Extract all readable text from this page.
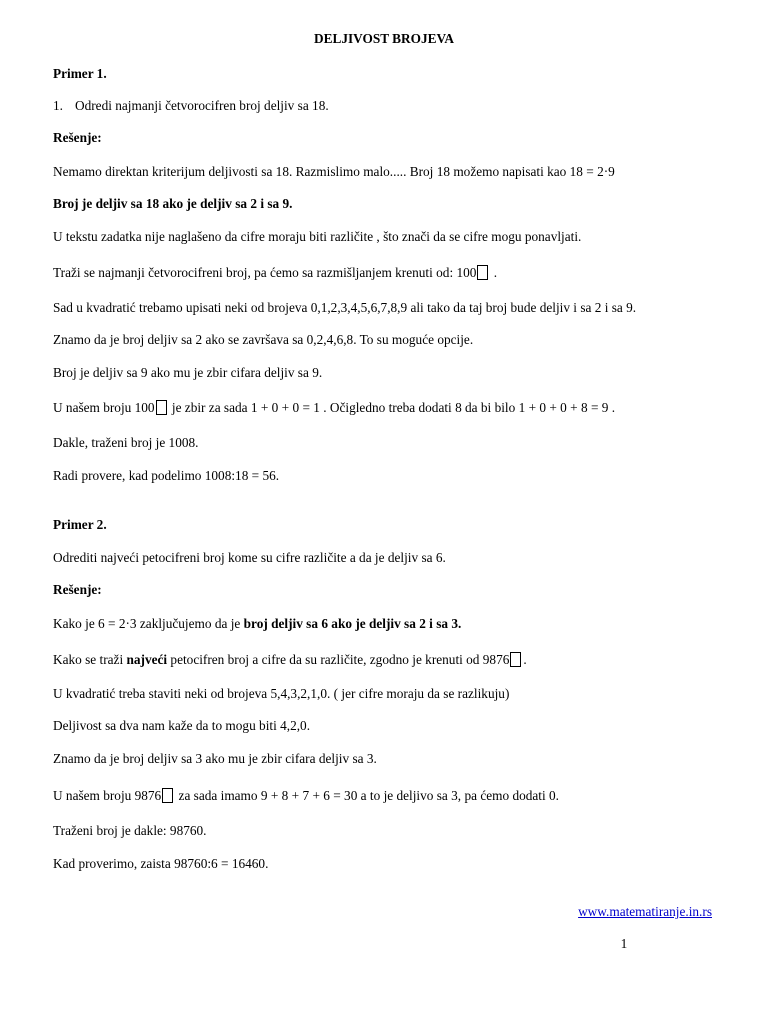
DELJIVOST BROJEVA
Primer 1.
1. Odredi najmanji četvorocifren broj deljiv sa 18.
Rešenje:
Nemamo direktan kriterijum deljivosti sa 18. Razmislimo malo..... Broj 18 možemo napisati kao 18 = 2·9
Broj je deljiv sa 18 ako je deljiv sa 2 i sa 9.
U tekstu zadatka nije naglašeno da cifre moraju biti različite , što znači da se cifre mogu ponavljati.
Traži se najmanji četvorocifreni broj, pa ćemo sa razmišljanjem krenuti od: 100 .
Sad u kvadratić trebamo upisati neki od brojeva 0,1,2,3,4,5,6,7,8,9 ali tako da taj broj bude deljiv i sa 2 i sa 9.
Znamo da je broj deljiv sa 2 ako se završava sa 0,2,4,6,8. To su moguće opcije.
Broj je deljiv sa 9 ako mu je zbir cifara deljiv sa 9.
U našem broju 100 je zbir za sada 1 + 0 + 0 = 1 . Očigledno treba dodati 8 da bi bilo 1 + 0 + 0 + 8 = 9 .
Dakle, traženi broj je 1008.
Radi provere, kad podelimo 1008:18 = 56.
Primer 2.
Odrediti najveći petocifreni broj kome su cifre različite a da je deljiv sa 6.
Rešenje:
Kako je 6 = 2·3 zaključujemo da je broj deljiv sa 6 ako je deljiv sa 2 i sa 3.
Kako se traži najveći petocifren broj a cifre da su različite, zgodno je krenuti od 9876 .
U kvadratić treba staviti neki od brojeva 5,4,3,2,1,0. ( jer cifre moraju da se razlikuju)
Deljivost sa dva nam kaže da to mogu biti 4,2,0.
Znamo da je broj deljiv sa 3 ako mu je zbir cifara deljiv sa 3.
U našem broju 9876 za sada imamo 9 + 8 + 7 + 6 = 30 a to je deljivo sa 3, pa ćemo dodati 0.
Traženi broj je dakle: 98760.
Kad proverimo, zaista 98760:6 = 16460.
www.matematiranje.in.rs
1
